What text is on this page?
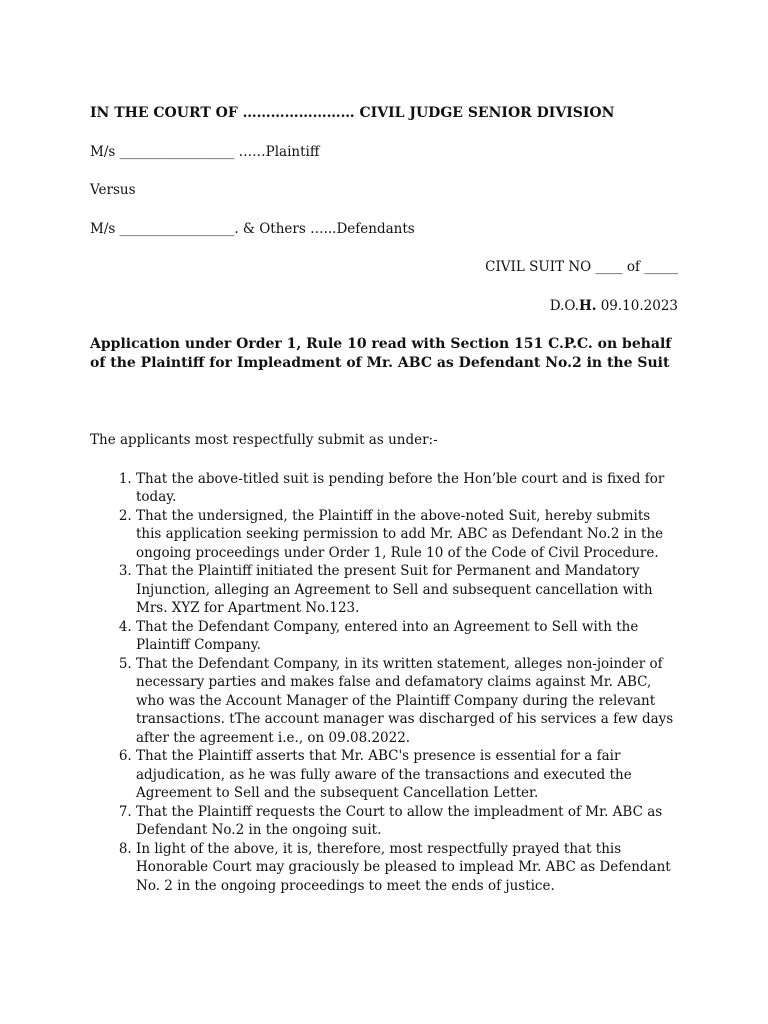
IN THE COURT OF …………………… CIVIL JUDGE SENIOR DIVISION
M/s _________________ ……Plaintiff
Versus
M/s _________________. & Others …...Defendants
CIVIL SUIT NO ____ of _____
D.O.H. 09.10.2023
Application under Order 1, Rule 10 read with Section 151 C.P.C. on behalf of the Plaintiff for Impleadment of Mr. ABC as Defendant No.2 in the Suit
The applicants most respectfully submit as under:-
1. That the above-titled suit is pending before the Hon’ble court and is fixed for today.
2. That the undersigned, the Plaintiff in the above-noted Suit, hereby submits this application seeking permission to add Mr. ABC as Defendant No.2 in the ongoing proceedings under Order 1, Rule 10 of the Code of Civil Procedure.
3. That the Plaintiff initiated the present Suit for Permanent and Mandatory Injunction, alleging an Agreement to Sell and subsequent cancellation with Mrs. XYZ for Apartment No.123.
4. That the Defendant Company, entered into an Agreement to Sell with the Plaintiff Company.
5. That the Defendant Company, in its written statement, alleges non-joinder of necessary parties and makes false and defamatory claims against Mr. ABC, who was the Account Manager of the Plaintiff Company during the relevant transactions. tThe account manager was discharged of his services a few days after the agreement i.e., on 09.08.2022.
6. That the Plaintiff asserts that Mr. ABC's presence is essential for a fair adjudication, as he was fully aware of the transactions and executed the Agreement to Sell and the subsequent Cancellation Letter.
7. That the Plaintiff requests the Court to allow the impleadment of Mr. ABC as Defendant No.2 in the ongoing suit.
8. In light of the above, it is, therefore, most respectfully prayed that this Honorable Court may graciously be pleased to implead Mr. ABC as Defendant No. 2 in the ongoing proceedings to meet the ends of justice.
